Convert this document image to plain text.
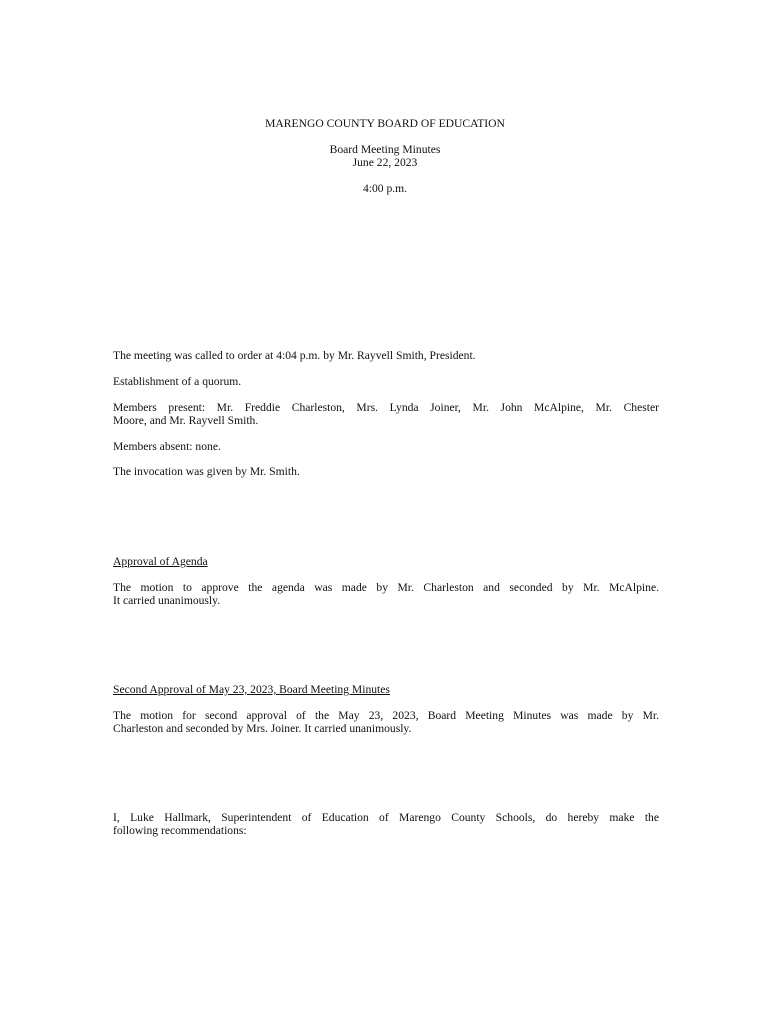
MARENGO COUNTY BOARD OF EDUCATION

Board Meeting Minutes

June 22, 2023

4:00 p.m.

The meeting was called to order at 4:04 p.m. by Mr. Rayvell Smith, President.

Establishment of a quorum.

Members present: Mr. Freddie Charleston, Mrs. Lynda Joiner, Mr. John McAlpine, Mr. Chester

Moore, and Mr. Rayvell Smith.

Members absent: none.

The invocation was given by Mr. Smith.

Approval of Agenda

The motion to approve the agenda was made by Mr. Charleston and seconded by Mr. McAlpine.

It carried unanimously.

Second Approval of May 23, 2023, Board Meeting Minutes

The motion for second approval of the May 23, 2023, Board Meeting Minutes was made by Mr.

Charleston and seconded by Mrs. Joiner. It carried unanimously.

I, Luke Hallmark, Superintendent of Education of Marengo County Schools, do hereby make the

following recommendations:
